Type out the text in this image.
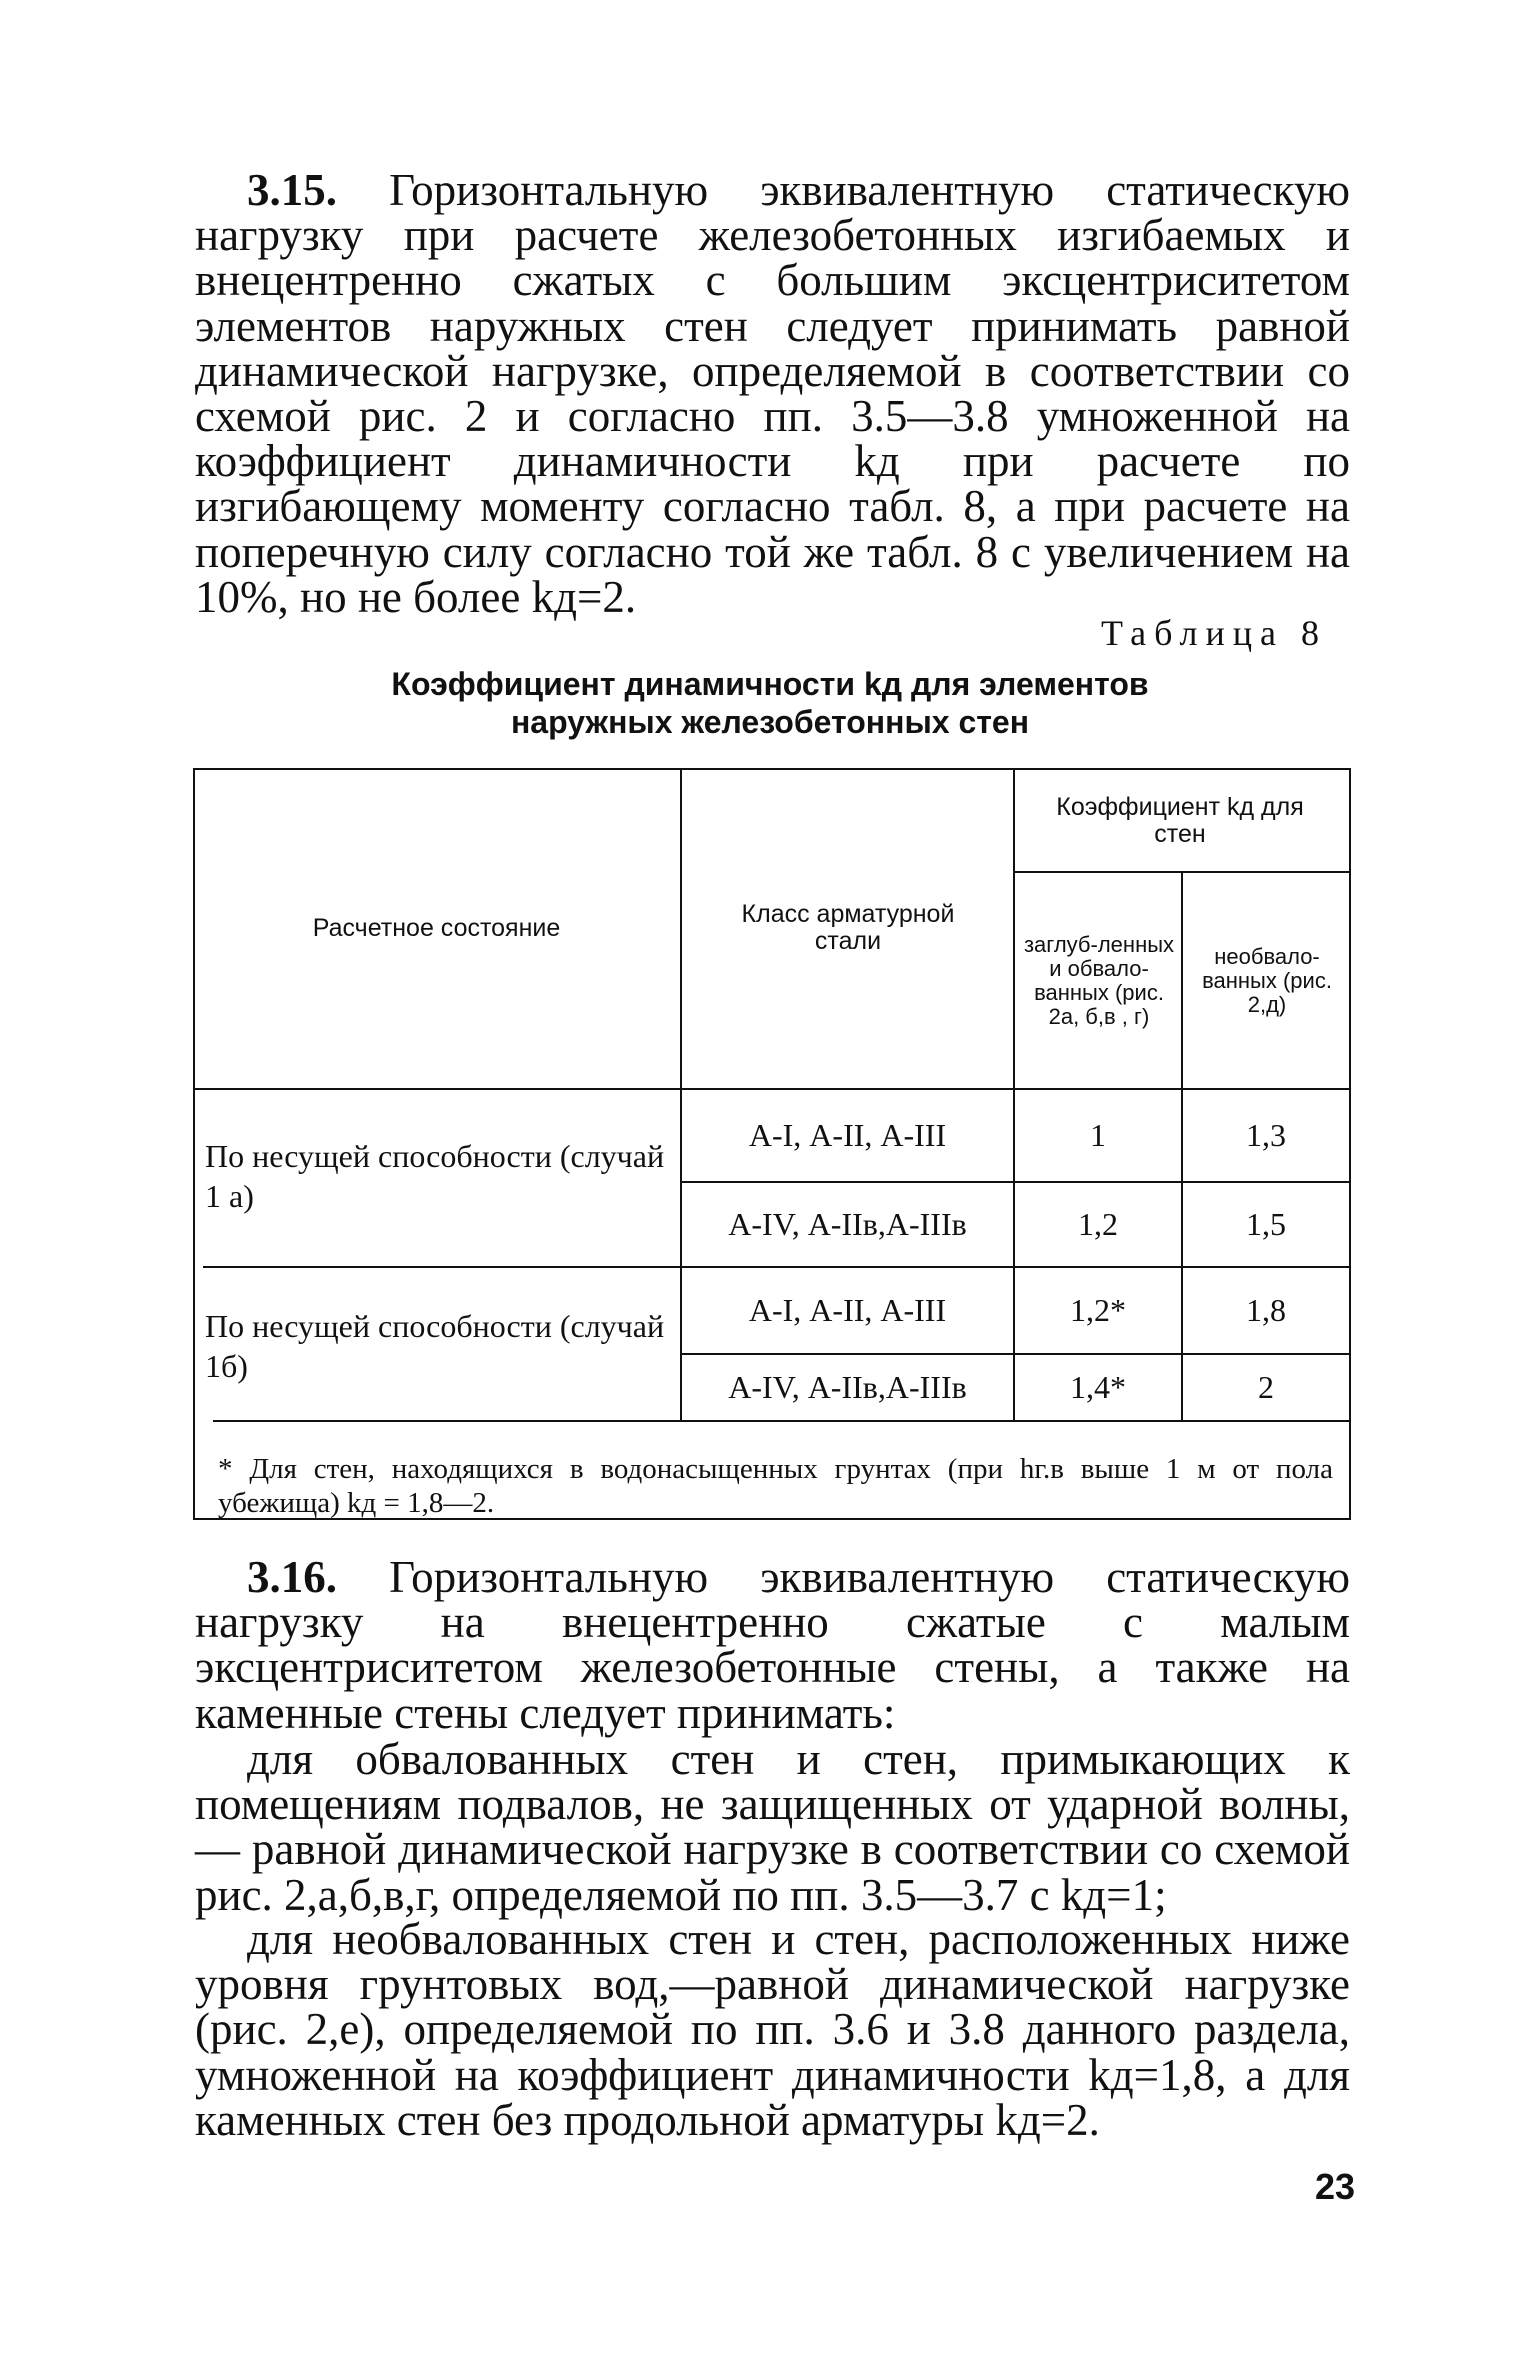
3.15. Горизонтальную эквивалентную статическую нагрузку при расчете железобетонных изгибаемых и внецентренно сжатых с большим эксцентриситетом элементов наружных стен следует принимать равной динамической нагрузке, определяемой в соответствии со схемой рис. 2 и согласно пп. 3.5—3.8 умноженной на коэффициент динамичности kд при расчете по изгибающему моменту согласно табл. 8, а при расчете на поперечную силу согласно той же табл. 8 с увеличением на 10%, но не более kд=2.

Таблица 8
Коэффициент динамичности kд для элементов наружных железобетонных стен
Расчетное состояние	Класс арматурной стали
Коэффициент kд для стен
заглуб-ленных и обвало-ванных (рис. 2а, б,в , г)
необвало-ванных (рис. 2,д)
По несущей способности (случай 1 а)
А-I, А-II, А-III	1	1,3
А-IV, А-IIв,А-IIIв	1,2	1,5
По несущей способности (случай 1б)
А-I, А-II, А-III	1,2*	1,8
А-IV, А-IIв,А-IIIв	1,4*	2
* Для стен, находящихся в водонасыщенных грунтах (при hг.в выше 1 м от пола убежища) kд = 1,8—2.

3.16. Горизонтальную эквивалентную статическую нагрузку на внецентренно сжатые с малым эксцентриситетом железобетонные стены, а также на каменные стены следует принимать:

для обвалованных стен и стен, примыкающих к помещениям подвалов, не защищенных от ударной волны, — равной динамической нагрузке в соответствии со схемой рис. 2,а,б,в,г, определяемой по пп. 3.5—3.7 с kд=1;

для необвалованных стен и стен, расположенных ниже уровня грунтовых вод,—равной динамической нагрузке (рис. 2,е), определяемой по пп. 3.6 и 3.8 данного раздела, умноженной на коэффициент динамичности kд=1,8, а для каменных стен без продольной арматуры kд=2.

23
